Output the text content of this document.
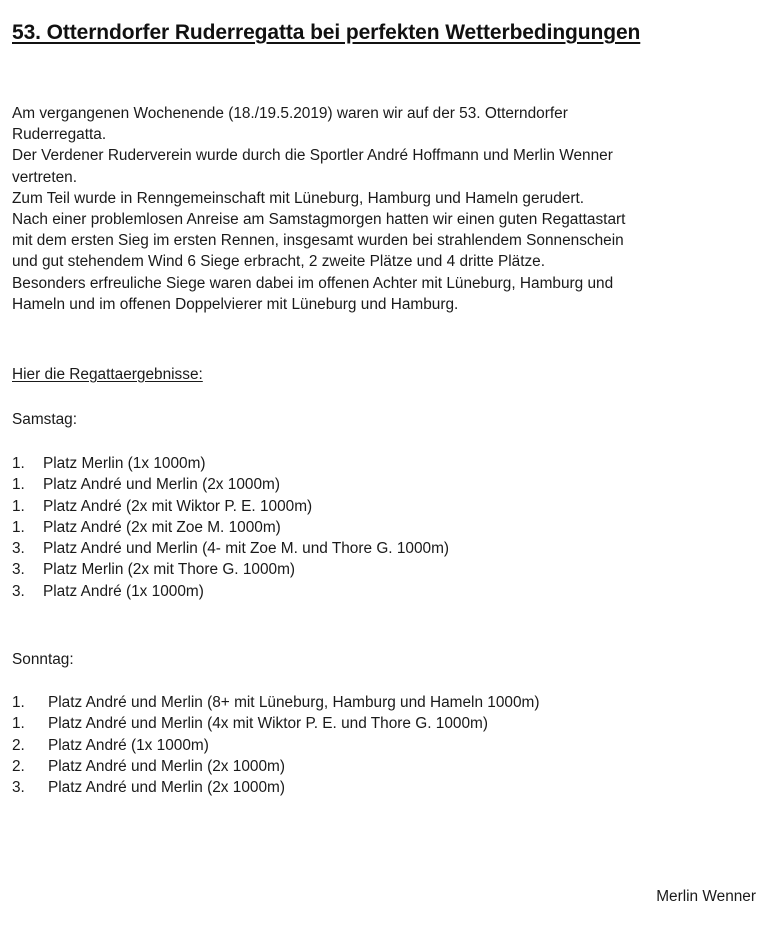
53. Otterndorfer Ruderregatta bei perfekten Wetterbedingungen
Am vergangenen Wochenende (18./19.5.2019) waren wir auf der 53. Otterndorfer
Ruderregatta.
Der Verdener Ruderverein wurde durch die Sportler André Hoffmann und Merlin Wenner
vertreten.
Zum Teil wurde in Renngemeinschaft mit Lüneburg, Hamburg und Hameln gerudert.
Nach einer problemlosen Anreise am Samstagmorgen hatten wir einen guten Regattastart
mit dem ersten Sieg im ersten Rennen, insgesamt wurden bei strahlendem Sonnenschein
und gut stehendem Wind 6 Siege erbracht, 2 zweite Plätze und 4 dritte Plätze.
Besonders erfreuliche Siege waren dabei im offenen Achter mit Lüneburg, Hamburg und
Hameln und im offenen Doppelvierer mit Lüneburg und Hamburg.
Hier die Regattaergebnisse:
Samstag:
1.	Platz Merlin (1x 1000m)
1.	Platz André und Merlin (2x 1000m)
1.	Platz André (2x mit Wiktor P. E. 1000m)
1.	Platz André (2x mit Zoe M. 1000m)
3.	Platz André und Merlin (4- mit Zoe M. und Thore G. 1000m)
3.	Platz Merlin (2x mit Thore G. 1000m)
3.	Platz André (1x 1000m)
Sonntag:
1.	Platz André und Merlin (8+ mit Lüneburg, Hamburg und Hameln 1000m)
1.	Platz André und Merlin (4x mit Wiktor P. E. und Thore G. 1000m)
2.	Platz André (1x 1000m)
2.	Platz André und Merlin (2x 1000m)
3.	Platz André und Merlin (2x 1000m)
Merlin Wenner
